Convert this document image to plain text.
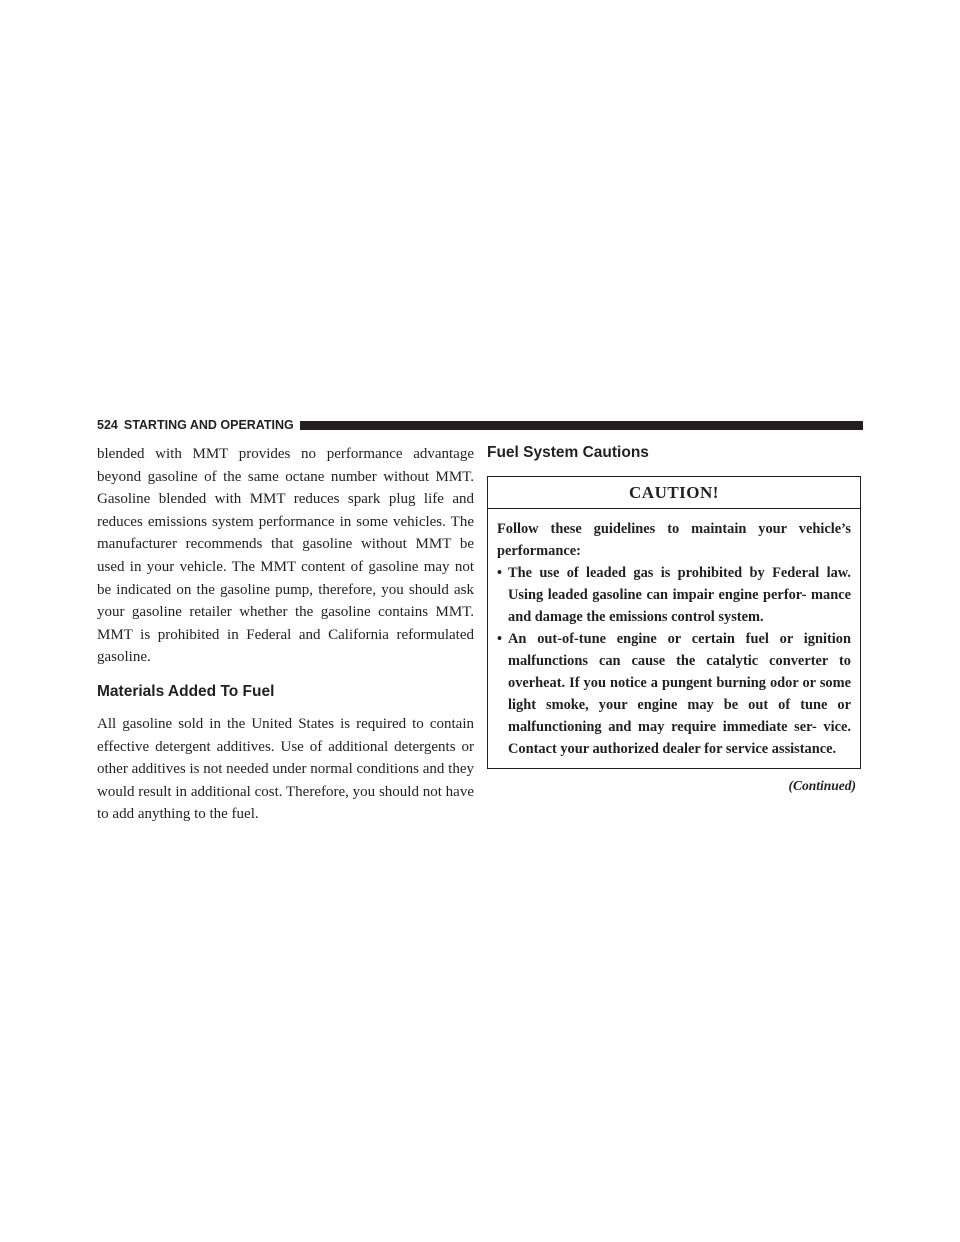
524 STARTING AND OPERATING

blended with MMT provides no performance advantage beyond gasoline of the same octane number without MMT. Gasoline blended with MMT reduces spark plug life and reduces emissions system performance in some vehicles. The manufacturer recommends that gasoline without MMT be used in your vehicle. The MMT content of gasoline may not be indicated on the gasoline pump, therefore, you should ask your gasoline retailer whether the gasoline contains MMT. MMT is prohibited in Federal and California reformulated gasoline.

Materials Added To Fuel

All gasoline sold in the United States is required to contain effective detergent additives. Use of additional detergents or other additives is not needed under normal conditions and they would result in additional cost. Therefore, you should not have to add anything to the fuel.

Fuel System Cautions
CAUTION!

Follow these guidelines to maintain your vehicle’s performance:

• The use of leaded gas is prohibited by Federal law. Using leaded gasoline can impair engine perfor- mance and damage the emissions control system.
• An out-of-tune engine or certain fuel or ignition malfunctions can cause the catalytic converter to overheat. If you notice a pungent burning odor or some light smoke, your engine may be out of tune or malfunctioning and may require immediate ser- vice. Contact your authorized dealer for service assistance.
(Continued)
